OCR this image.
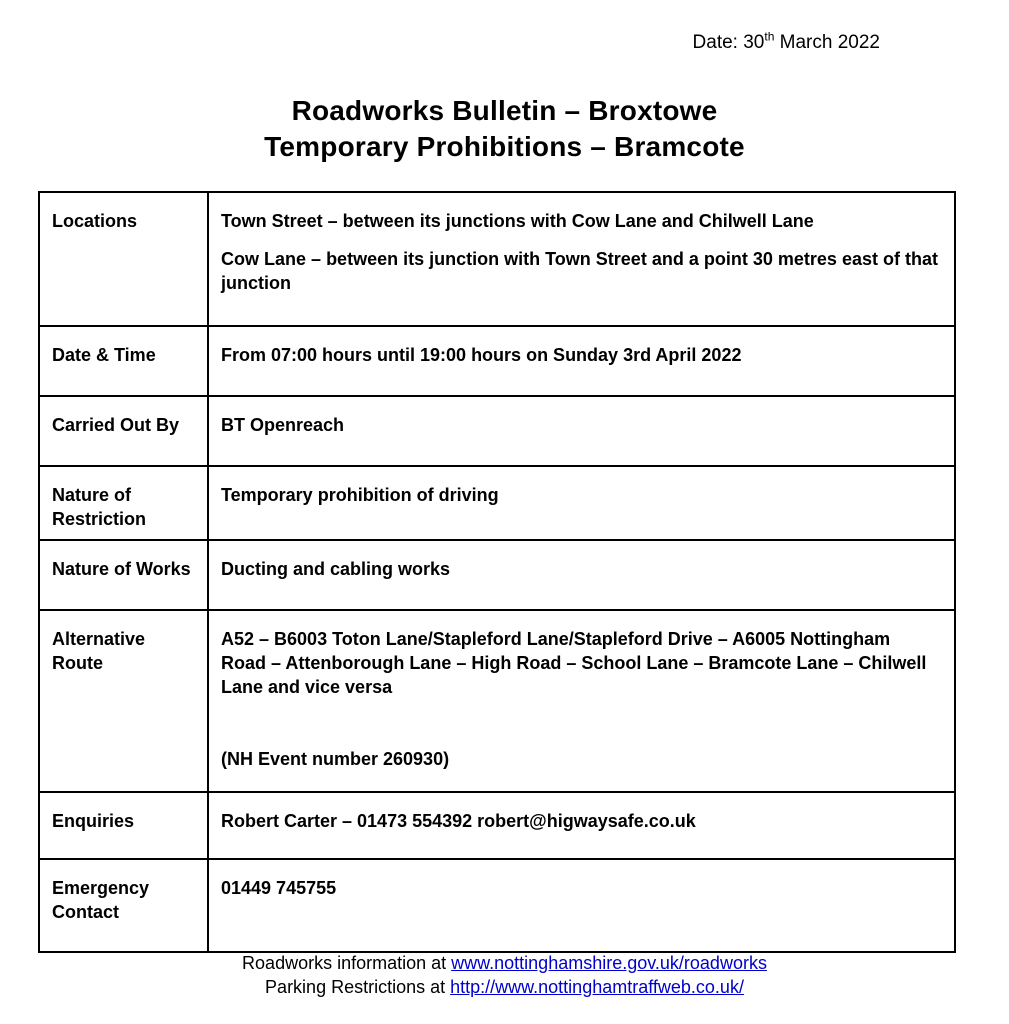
Date: 30th March 2022
Roadworks Bulletin – Broxtowe
Temporary Prohibitions – Bramcote
Locations	Town Street – between its junctions with Cow Lane and Chilwell Lane

Cow Lane – between its junction with Town Street and a point 30 metres east of that junction

Date & Time	From 07:00 hours until 19:00 hours on Sunday 3rd April 2022

Carried Out By	BT Openreach

Nature of Restriction	Temporary prohibition of driving

Nature of Works	Ducting and cabling works

Alternative Route	A52 – B6003 Toton Lane/Stapleford Lane/Stapleford Drive – A6005 Nottingham Road – Attenborough Lane – High Road – School Lane – Bramcote Lane – Chilwell Lane and vice versa

(NH Event number 260930)

Enquiries	Robert Carter – 01473 554392 robert@higwaysafe.co.uk

Emergency Contact	01449 745755

Roadworks information at www.nottinghamshire.gov.uk/roadworks
Parking Restrictions at http://www.nottinghamtraffweb.co.uk/
